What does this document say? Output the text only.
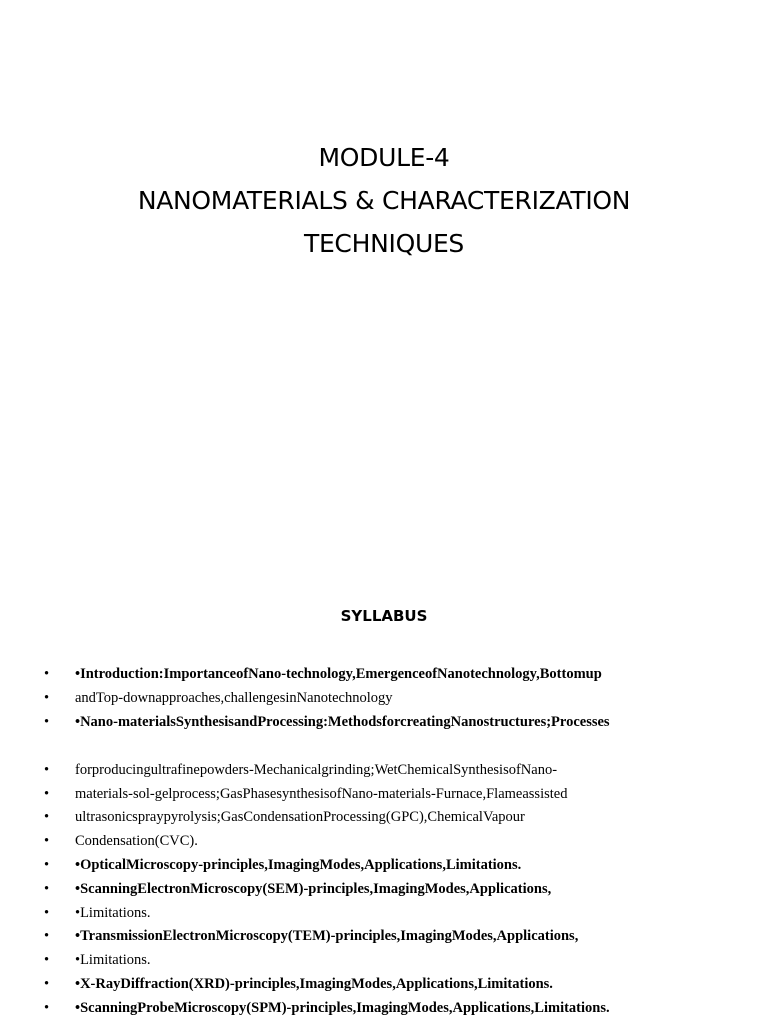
MODULE-4
NANOMATERIALS & CHARACTERIZATION
TECHNIQUES
SYLLABUS
• •Introduction:ImportanceofNano-technology,EmergenceofNanotechnology,Bottomup
• andTop-downapproaches,challengesinNanotechnology
• •Nano-materialsSynthesisandProcessing:MethodsforcreatingNanostructures;Processes
• forproducingultrafinepowders-Mechanicalgrinding;WetChemicalSynthesisofNano-
• materials-sol-gelprocess;GasPhasesynthesisofNano-materials-Furnace,Flameassisted
• ultrasonicspraypyrolysis;GasCondensationProcessing(GPC),ChemicalVapour
• Condensation(CVC).
• •OpticalMicroscopy-principles,ImagingModes,Applications,Limitations.
• •ScanningElectronMicroscopy(SEM)-principles,ImagingModes,Applications,
• •Limitations.
• •TransmissionElectronMicroscopy(TEM)-principles,ImagingModes,Applications,
• •Limitations.
• •X-RayDiffraction(XRD)-principles,ImagingModes,Applications,Limitations.
• •ScanningProbeMicroscopy(SPM)-principles,ImagingModes,Applications,Limitations.
